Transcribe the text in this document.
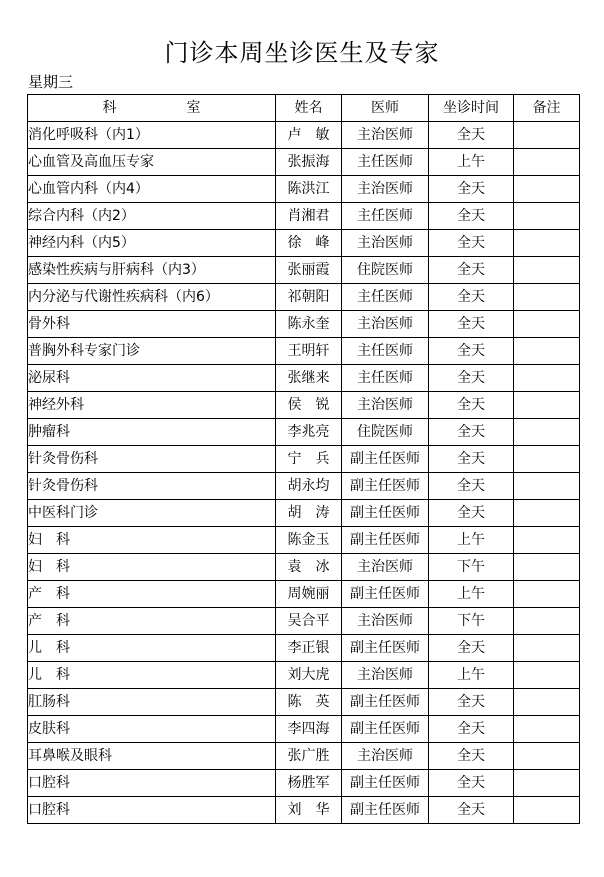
门诊本周坐诊医生及专家
星期三
科 室	姓名	医师	坐诊时间	备注
消化呼吸科（内1）	卢　敏	主治医师	全天	
心血管及高血压专家	张振海	主任医师	上午	
心血管内科（内4）	陈洪江	主治医师	全天	
综合内科（内2）	肖湘君	主任医师	全天	
神经内科（内5）	徐　峰	主治医师	全天	
感染性疾病与肝病科（内3）	张丽霞	住院医师	全天	
内分泌与代谢性疾病科（内6）	祁朝阳	主任医师	全天	
骨外科	陈永奎	主治医师	全天	
普胸外科专家门诊	王明轩	主任医师	全天	
泌尿科	张继来	主任医师	全天	
神经外科	侯　锐	主治医师	全天	
肿瘤科	李兆亮	住院医师	全天	
针灸骨伤科	宁　兵	副主任医师	全天	
针灸骨伤科	胡永均	副主任医师	全天	
中医科门诊	胡　涛	副主任医师	全天	
妇　科	陈金玉	副主任医师	上午	
妇　科	袁　冰	主治医师	下午	
产　科	周婉丽	副主任医师	上午	
产　科	吴合平	主治医师	下午	
儿　科	李正银	副主任医师	全天	
儿　科	刘大虎	主治医师	上午	
肛肠科	陈　英	副主任医师	全天	
皮肤科	李四海	副主任医师	全天	
耳鼻喉及眼科	张广胜	主治医师	全天	
口腔科	杨胜军	副主任医师	全天	
口腔科	刘　华	副主任医师	全天	
